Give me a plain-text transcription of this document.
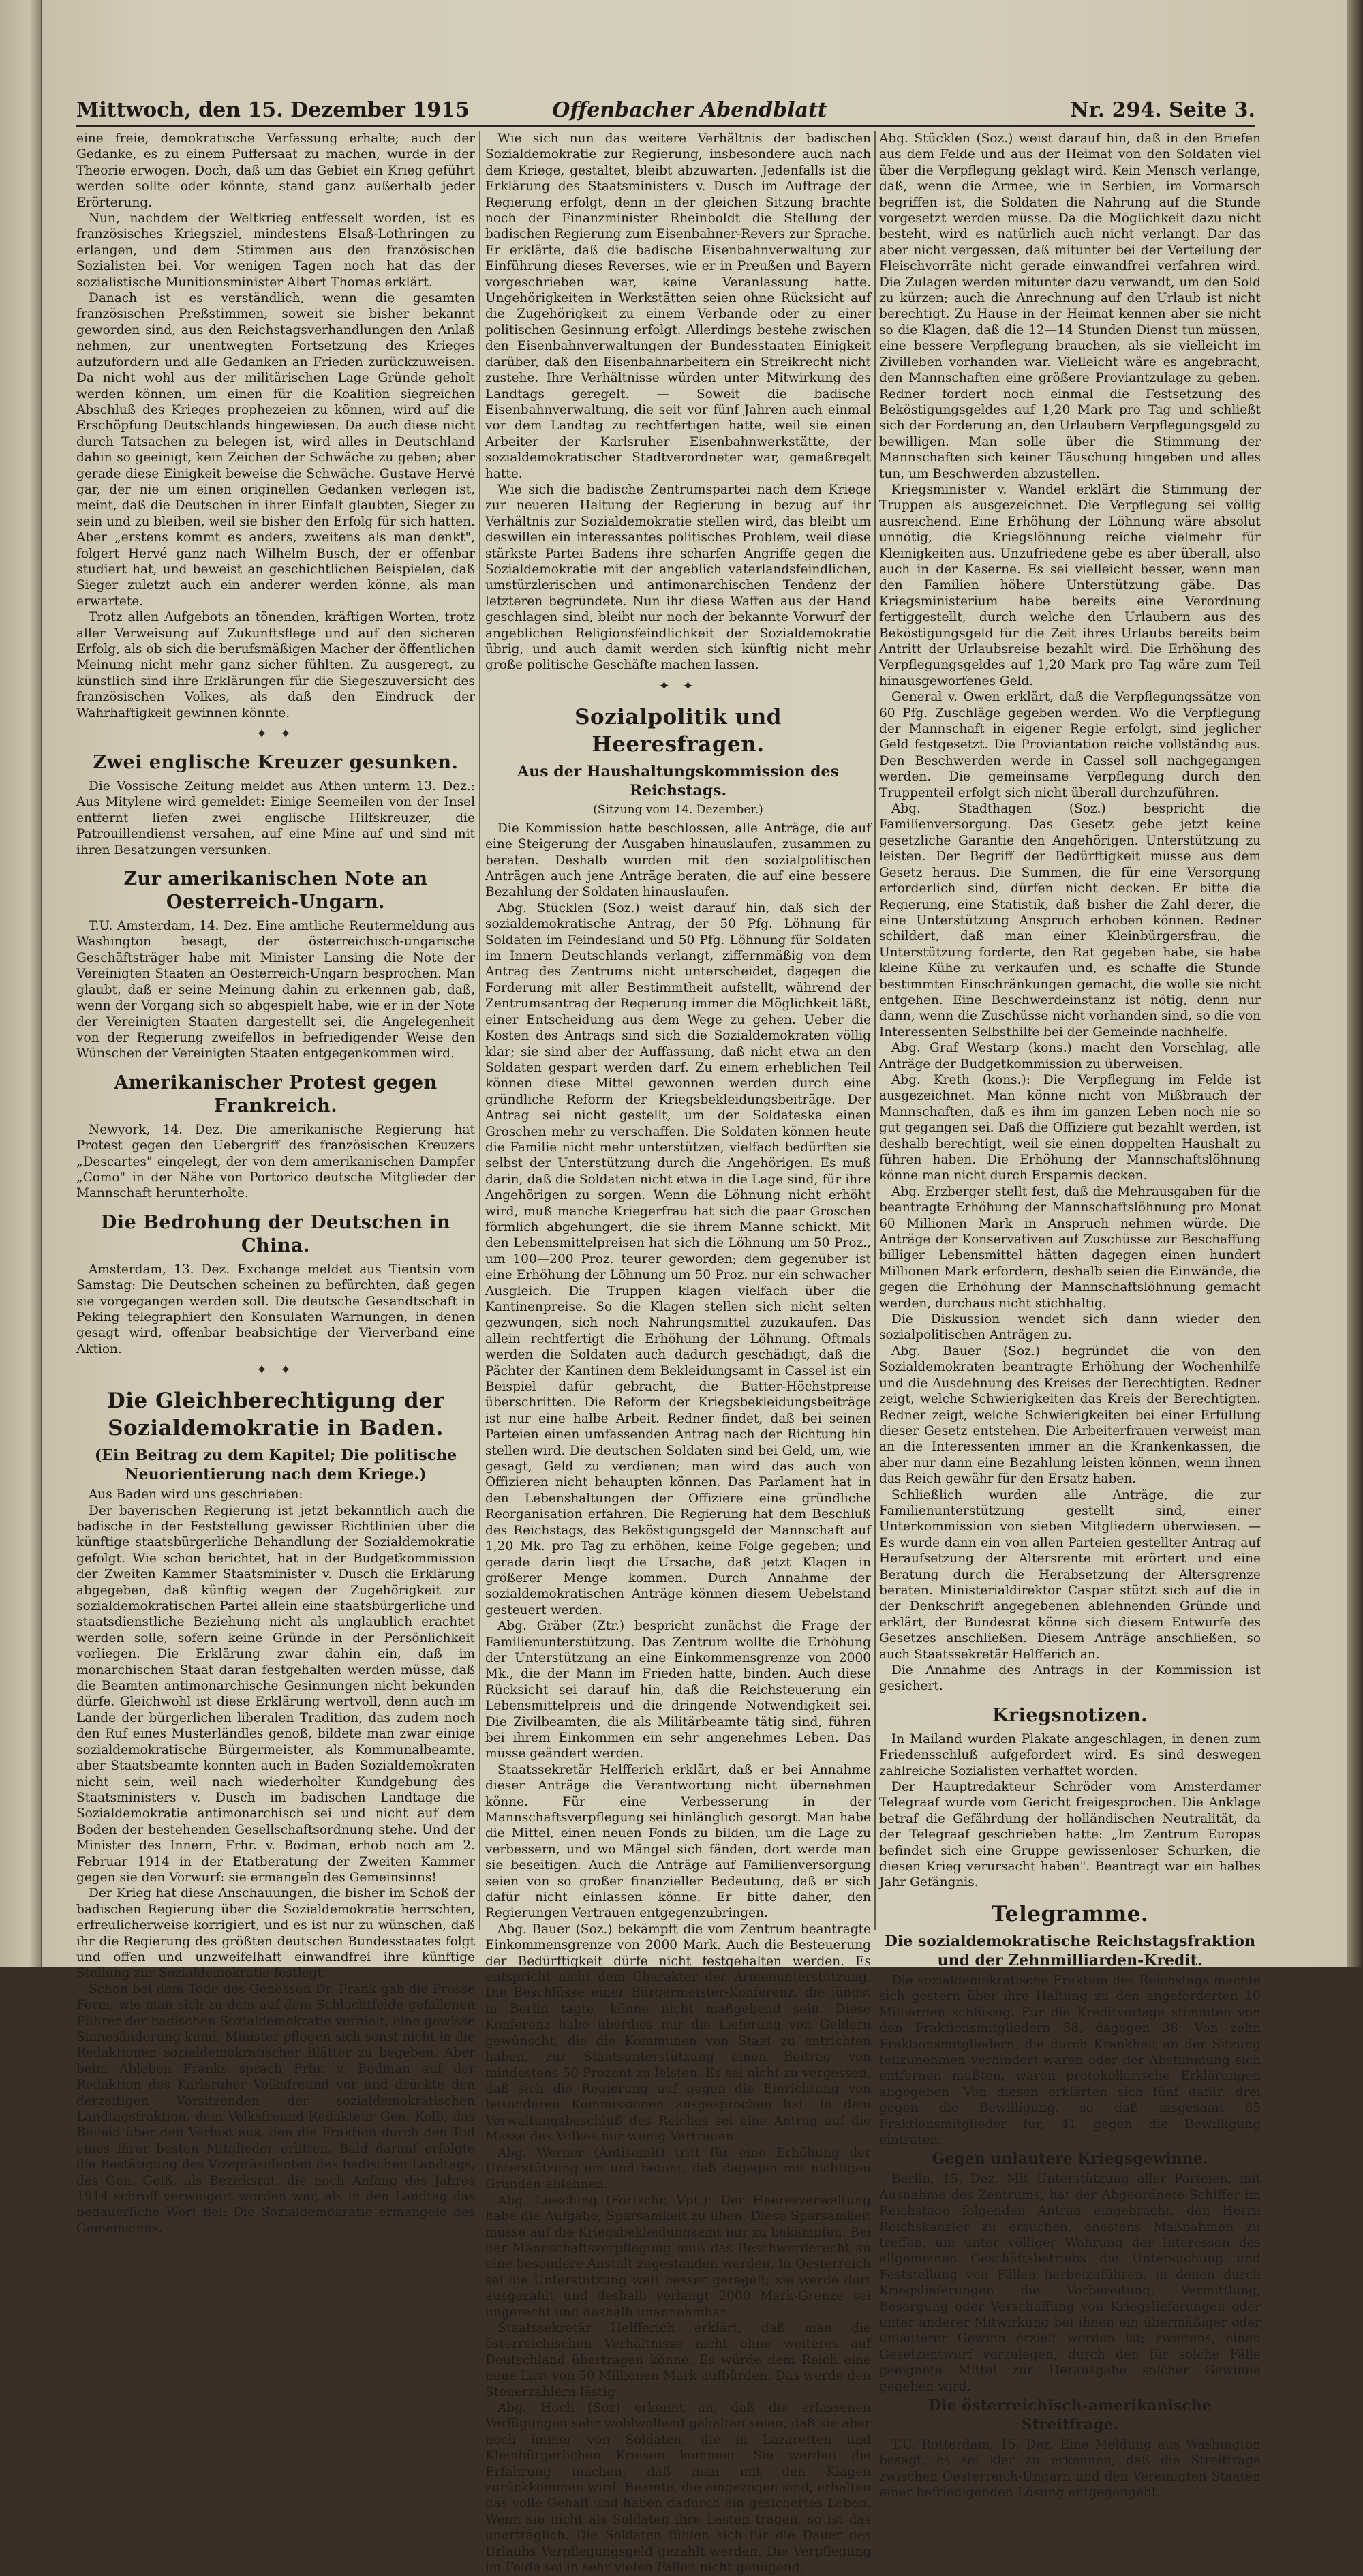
Mittwoch, den 15. Dezember 1915	Offenbacher Abendblatt	Nr. 294. Seite 3.

eine freie, demokratische Verfassung erhalte; auch der Gedanke, es zu einem Puffersaat zu machen, wurde in der Theorie erwogen. Doch, daß um das Gebiet ein Krieg geführt werden sollte oder könnte, stand ganz außerhalb jeder Erörterung.

Nun, nachdem der Weltkrieg entfesselt worden, ist es französisches Kriegsziel, mindestens Elsaß-Lothringen zu erlangen, und dem Stimmen aus den französischen Sozialisten bei. Vor wenigen Tagen noch hat das der sozialistische Munitionsminister Albert Thomas erklärt.

Danach ist es verständlich, wenn die gesamten französischen Preßstimmen, soweit sie bisher bekannt geworden sind, aus den Reichstagsverhandlungen den Anlaß nehmen, zur unentwegten Fortsetzung des Krieges aufzufordern und alle Gedanken an Frieden zurückzuweisen. Da nicht wohl aus der militärischen Lage Gründe geholt werden können, um einen für die Koalition siegreichen Abschluß des Krieges prophezeien zu können, wird auf die Erschöpfung Deutschlands hingewiesen. Da auch diese nicht durch Tatsachen zu belegen ist, wird alles in Deutschland dahin so geeinigt, kein Zeichen der Schwäche zu geben; aber gerade diese Einigkeit beweise die Schwäche. Gustave Hervé gar, der nie um einen originellen Gedanken verlegen ist, meint, daß die Deutschen in ihrer Einfalt glaubten, Sieger zu sein und zu bleiben, weil sie bisher den Erfolg für sich hatten. Aber „erstens kommt es anders, zweitens als man denkt", folgert Hervé ganz nach Wilhelm Busch, der er offenbar studiert hat, und beweist an geschichtlichen Beispielen, daß Sieger zuletzt auch ein anderer werden könne, als man erwartete.

Trotz allen Aufgebots an tönenden, kräftigen Worten, trotz aller Verweisung auf Zukunftsflege und auf den sicheren Erfolg, als ob sich die berufsmäßigen Macher der öffentlichen Meinung nicht mehr ganz sicher fühlten. Zu ausgeregt, zu künstlich sind ihre Erklärungen für die Siegeszuversicht des französischen Volkes, als daß den Eindruck der Wahrhaftigkeit gewinnen könnte.

✦ ✦
Zwei englische Kreuzer gesunken.

Die Vossische Zeitung meldet aus Athen unterm 13. Dez.: Aus Mitylene wird gemeldet: Einige Seemeilen von der Insel entfernt liefen zwei englische Hilfskreuzer, die Patrouillendienst versahen, auf eine Mine auf und sind mit ihren Besatzungen versunken.

Zur amerikanischen Note an Oesterreich-Ungarn.

T.U. Amsterdam, 14. Dez. Eine amtliche Reutermeldung aus Washington besagt, der österreichisch-ungarische Geschäftsträger habe mit Minister Lansing die Note der Vereinigten Staaten an Oesterreich-Ungarn besprochen. Man glaubt, daß er seine Meinung dahin zu erkennen gab, daß, wenn der Vorgang sich so abgespielt habe, wie er in der Note der Vereinigten Staaten dargestellt sei, die Angelegenheit von der Regierung zweifellos in befriedigender Weise den Wünschen der Vereinigten Staaten entgegenkommen wird.

Amerikanischer Protest gegen Frankreich.

Newyork, 14. Dez. Die amerikanische Regierung hat Protest gegen den Uebergriff des französischen Kreuzers „Descartes" eingelegt, der von dem amerikanischen Dampfer „Como" in der Nähe von Portorico deutsche Mitglieder der Mannschaft herunterholte.

Die Bedrohung der Deutschen in China.

Amsterdam, 13. Dez. Exchange meldet aus Tientsin vom Samstag: Die Deutschen scheinen zu befürchten, daß gegen sie vorgegangen werden soll. Die deutsche Gesandtschaft in Peking telegraphiert den Konsulaten Warnungen, in denen gesagt wird, offenbar beabsichtige der Vierverband eine Aktion.

✦ ✦
Die Gleichberechtigung der Sozialdemokratie in Baden.
(Ein Beitrag zu dem Kapitel; Die politische Neuorientierung nach dem Kriege.)

Aus Baden wird uns geschrieben:

Der bayerischen Regierung ist jetzt bekanntlich auch die badische in der Feststellung gewisser Richtlinien über die künftige staatsbürgerliche Behandlung der Sozialdemokratie gefolgt. Wie schon berichtet, hat in der Budgetkommission der Zweiten Kammer Staatsminister v. Dusch die Erklärung abgegeben, daß künftig wegen der Zugehörigkeit zur sozialdemokratischen Partei allein eine staatsbürgerliche und staatsdienstliche Beziehung nicht als unglaublich erachtet werden solle, sofern keine Gründe in der Persönlichkeit vorliegen. Die Erklärung zwar dahin ein, daß im monarchischen Staat daran festgehalten werden müsse, daß die Beamten antimonarchische Gesinnungen nicht bekunden dürfe. Gleichwohl ist diese Erklärung wertvoll, denn auch im Lande der bürgerlichen liberalen Tradition, das zudem noch den Ruf eines Musterländles genoß, bildete man zwar einige sozialdemokratische Bürgermeister, als Kommunalbeamte, aber Staatsbeamte konnten auch in Baden Sozialdemokraten nicht sein, weil nach wiederholter Kundgebung des Staatsministers v. Dusch im badischen Landtage die Sozialdemokratie antimonarchisch sei und nicht auf dem Boden der bestehenden Gesellschaftsordnung stehe. Und der Minister des Innern, Frhr. v. Bodman, erhob noch am 2. Februar 1914 in der Etatberatung der Zweiten Kammer gegen sie den Vorwurf: sie ermangeln des Gemeinsinns!

Der Krieg hat diese Anschauungen, die bisher im Schoß der badischen Regierung über die Sozialdemokratie herrschten, erfreulicherweise korrigiert, und es ist nur zu wünschen, daß ihr die Regierung des größten deutschen Bundesstaates folgt und offen und unzweifelhaft einwandfrei ihre künftige Stellung zur Sozialdemokratie festlegt.

Schon bei dem Tode des Genossen Dr. Frank gab die Presse Form, wie man sich zu dem auf dem Schlachtfelde gefallenen Führer der badischen Sozialdemokratie verhielt, eine gewisse Sinnesänderung kund. Minister pflogen sich sonst nicht in die Redaktionen sozialdemokratischer Blätter zu begeben. Aber beim Ableben Franks sprach Frhr. v. Bodman auf der Redaktion des Karlsruher Volksfreund vor und drückte den derzeitigen Vorsitzenden der sozialdemokratischen Landtagsfraktion, dem Volksfreund-Redakteur Gen. Kolb, das Beileid über den Verlust aus, den die Fraktion durch den Tod eines ihrer besten Mitglieder erlitten. Bald darauf erfolgte die Bestätigung des Vizepräsidenten des badischen Landtags, des Gen. Geiß, als Bezirksrat, die noch Anfang des Jahres 1914 schroff verweigert worden war, als in den Landtag das bedauerliche Wort fiel: Die Sozialdemokratie ermangele des Gemeinsinns.

Wie sich nun das weitere Verhältnis der badischen Sozialdemokratie zur Regierung, insbesondere auch nach dem Kriege, gestaltet, bleibt abzuwarten. Jedenfalls ist die Erklärung des Staatsministers v. Dusch im Auftrage der Regierung erfolgt, denn in der gleichen Sitzung brachte noch der Finanzminister Rheinboldt die Stellung der badischen Regierung zum Eisenbahner-Revers zur Sprache. Er erklärte, daß die badische Eisenbahnverwaltung zur Einführung dieses Reverses, wie er in Preußen und Bayern vorgeschrieben war, keine Veranlassung hatte. Ungehörigkeiten in Werkstätten seien ohne Rücksicht auf die Zugehörigkeit zu einem Verbande oder zu einer politischen Gesinnung erfolgt. Allerdings bestehe zwischen den Eisenbahnverwaltungen der Bundesstaaten Einigkeit darüber, daß den Eisenbahnarbeitern ein Streikrecht nicht zustehe. Ihre Verhältnisse würden unter Mitwirkung des Landtags geregelt. — Soweit die badische Eisenbahnverwaltung, die seit vor fünf Jahren auch einmal vor dem Landtag zu rechtfertigen hatte, weil sie einen Arbeiter der Karlsruher Eisenbahnwerkstätte, der sozialdemokratischer Stadtverordneter war, gemaßregelt hatte.

Wie sich die badische Zentrumspartei nach dem Kriege zur neueren Haltung der Regierung in bezug auf ihr Verhältnis zur Sozialdemokratie stellen wird, das bleibt um deswillen ein interessantes politisches Problem, weil diese stärkste Partei Badens ihre scharfen Angriffe gegen die Sozialdemokratie mit der angeblich vaterlandsfeindlichen, umstürzlerischen und antimonarchischen Tendenz der letzteren begründete. Nun ihr diese Waffen aus der Hand geschlagen sind, bleibt nur noch der bekannte Vorwurf der angeblichen Religionsfeindlichkeit der Sozialdemokratie übrig, und auch damit werden sich künftig nicht mehr große politische Geschäfte machen lassen.

✦ ✦
Sozialpolitik und Heeresfragen.
Aus der Haushaltungskommission des Reichstags.
(Sitzung vom 14. Dezember.)

Die Kommission hatte beschlossen, alle Anträge, die auf eine Steigerung der Ausgaben hinauslaufen, zusammen zu beraten. Deshalb wurden mit den sozialpolitischen Anträgen auch jene Anträge beraten, die auf eine bessere Bezahlung der Soldaten hinauslaufen.

Abg. Stücklen (Soz.) weist darauf hin, daß sich der sozialdemokratische Antrag, der 50 Pfg. Löhnung für Soldaten im Feindesland und 50 Pfg. Löhnung für Soldaten im Innern Deutschlands verlangt, ziffernmäßig von dem Antrag des Zentrums nicht unterscheidet, dagegen die Forderung mit aller Bestimmtheit aufstellt, während der Zentrumsantrag der Regierung immer die Möglichkeit läßt, einer Entscheidung aus dem Wege zu gehen. Ueber die Kosten des Antrags sind sich die Sozialdemokraten völlig klar; sie sind aber der Auffassung, daß nicht etwa an den Soldaten gespart werden darf. Zu einem erheblichen Teil können diese Mittel gewonnen werden durch eine gründliche Reform der Kriegsbekleidungsbeiträge. Der Antrag sei nicht gestellt, um der Soldateska einen Groschen mehr zu verschaffen. Die Soldaten können heute die Familie nicht mehr unterstützen, vielfach bedürften sie selbst der Unterstützung durch die Angehörigen. Es muß darin, daß die Soldaten nicht etwa in die Lage sind, für ihre Angehörigen zu sorgen. Wenn die Löhnung nicht erhöht wird, muß manche Kriegerfrau hat sich die paar Groschen förmlich abgehungert, die sie ihrem Manne schickt. Mit den Lebensmittelpreisen hat sich die Löhnung um 50 Proz., um 100—200 Proz. teurer geworden; dem gegenüber ist eine Erhöhung der Löhnung um 50 Proz. nur ein schwacher Ausgleich. Die Truppen klagen vielfach über die Kantinenpreise. So die Klagen stellen sich nicht selten gezwungen, sich noch Nahrungsmittel zuzukaufen. Das allein rechtfertigt die Erhöhung der Löhnung. Oftmals werden die Soldaten auch dadurch geschädigt, daß die Pächter der Kantinen dem Bekleidungsamt in Cassel ist ein Beispiel dafür gebracht, die Butter-Höchstpreise überschritten. Die Reform der Kriegsbekleidungsbeiträge ist nur eine halbe Arbeit. Redner findet, daß bei seinen Parteien einen umfassenden Antrag nach der Richtung hin stellen wird. Die deutschen Soldaten sind bei Geld, um, wie gesagt, Geld zu verdienen; man wird das auch von Offizieren nicht behaupten können. Das Parlament hat in den Lebenshaltungen der Offiziere eine gründliche Reorganisation erfahren. Die Regierung hat dem Beschluß des Reichstags, das Beköstigungsgeld der Mannschaft auf 1,20 Mk. pro Tag zu erhöhen, keine Folge gegeben; und gerade darin liegt die Ursache, daß jetzt Klagen in größerer Menge kommen. Durch Annahme der sozialdemokratischen Anträge können diesem Uebelstand gesteuert werden.

Abg. Gräber (Ztr.) bespricht zunächst die Frage der Familienunterstützung. Das Zentrum wollte die Erhöhung der Unterstützung an eine Einkommensgrenze von 2000 Mk., die der Mann im Frieden hatte, binden. Auch diese Rücksicht sei darauf hin, daß die Reichsteuerung ein Lebensmittelpreis und die dringende Notwendigkeit sei. Die Zivilbeamten, die als Militärbeamte tätig sind, führen bei ihrem Einkommen ein sehr angenehmes Leben. Das müsse geändert werden.

Staatssekretär Helfferich erklärt, daß er bei Annahme dieser Anträge die Verantwortung nicht übernehmen könne. Für eine Verbesserung in der Mannschaftsverpflegung sei hinlänglich gesorgt. Man habe die Mittel, einen neuen Fonds zu bilden, um die Lage zu verbessern, und wo Mängel sich fänden, dort werde man sie beseitigen. Auch die Anträge auf Familienversorgung seien von so großer finanzieller Bedeutung, daß er sich dafür nicht einlassen könne. Er bitte daher, den Regierungen Vertrauen entgegenzubringen.

Abg. Bauer (Soz.) bekämpft die vom Zentrum beantragte Einkommensgrenze von 2000 Mark. Auch die Besteuerung der Bedürftigkeit dürfe nicht festgehalten werden. Es entspricht nicht dem Charakter der Armenunterstützung. Die Beschlüsse einer Bürgermeister-Konferenz, die jüngst in Berlin tagte, könne nicht maßgebend sein. Diese Konferenz habe überdies nur die Lieferung von Geldern gewünscht, die die Kommunen von Staat zu entrichten haben, zur Staatsunterstützung einen Beitrag von mindestens 50 Prozent zu leisten. Es sei nicht zu vergessen, daß sich die Regierung auf gegen die Einrichtung von besonderen Kommissionen ausgesprochen hat. In dem Verwaltungsbeschluß des Reiches sei eine Antrag auf die Masse des Volkes nur wenig Vertrauen.

Abg. Werner (Antisemit) tritt für eine Erhöhung der Unterstützung ein und betont, daß dagegen mit nichtigen Gründen ablehnen.

Abg. Liesching (Fortschr. Vpt.): Der Heeresverwaltung habe die Aufgabe, Sparsamkeit zu üben. Diese Sparsamkeit müsse auf die Kriegsbekleidungsamt nur zu bekämpfen. Bei der Mannschaftsverpflegung muß das Beschwerderecht an eine besondere Anstalt zugestanden werden. In Oesterreich sei die Unterstützung weit besser geregelt; sie werde dort ausgezahlt und deshalb verlangt 2000 Mark-Grenze sei ungerecht und deshalb unannehmbar.

Staatssekretär Helfferich erklärt, daß man die österreichischen Verhältnisse nicht ohne weiteres auf Deutschland übertragen könne. Es würde dem Reich eine neue Last von 50 Millionen Mark aufbürden. Das werde den Steuerzahlern lästig.

Abg. Hoch (Soz) erkennt an, daß die erlassenen Verfügungen sehr wohlwollend gehalten seien, daß sie aber noch immer von Soldaten, die in Lazaretten und Kleinbürgerlichen Kreisen kommen. Sie werden die Erfahrung machen, daß man mit den Klagen zurückkommen wird. Beamte, die eingezogen sind, erhalten das volle Gehalt und haben dadurch ein gesichertes Leben. Wenn sie nicht als Soldaten ihre Lasten tragen, so ist das unerträglich. Die Soldaten fühlen sich für die Dauer des Urlaubs Verpflegungsgeld gezahlt werden. Die Verpflegung im Felde sei in sehr vielen Fällen nicht genügend.

Abg. Stücklen (Soz.) weist darauf hin, daß in den Briefen aus dem Felde und aus der Heimat von den Soldaten viel über die Verpflegung geklagt wird. Kein Mensch verlange, daß, wenn die Armee, wie in Serbien, im Vormarsch begriffen ist, die Soldaten die Nahrung auf die Stunde vorgesetzt werden müsse. Da die Möglichkeit dazu nicht besteht, wird es natürlich auch nicht verlangt. Dar das aber nicht vergessen, daß mitunter bei der Verteilung der Fleischvorräte nicht gerade einwandfrei verfahren wird. Die Zulagen werden mitunter dazu verwandt, um den Sold zu kürzen; auch die Anrechnung auf den Urlaub ist nicht berechtigt. Zu Hause in der Heimat kennen aber sie nicht so die Klagen, daß die 12—14 Stunden Dienst tun müssen, eine bessere Verpflegung brauchen, als sie vielleicht im Zivilleben vorhanden war. Vielleicht wäre es angebracht, den Mannschaften eine größere Proviantzulage zu geben. Redner fordert noch einmal die Festsetzung des Beköstigungsgeldes auf 1,20 Mark pro Tag und schließt sich der Forderung an, den Urlaubern Verpflegungsgeld zu bewilligen. Man solle über die Stimmung der Mannschaften sich keiner Täuschung hingeben und alles tun, um Beschwerden abzustellen.

Kriegsminister v. Wandel erklärt die Stimmung der Truppen als ausgezeichnet. Die Verpflegung sei völlig ausreichend. Eine Erhöhung der Löhnung wäre absolut unnötig, die Kriegslöhnung reiche vielmehr für Kleinigkeiten aus. Unzufriedene gebe es aber überall, also auch in der Kaserne. Es sei vielleicht besser, wenn man den Familien höhere Unterstützung gäbe. Das Kriegsministerium habe bereits eine Verordnung fertiggestellt, durch welche den Urlaubern aus des Beköstigungsgeld für die Zeit ihres Urlaubs bereits beim Antritt der Urlaubsreise bezahlt wird. Die Erhöhung des Verpflegungsgeldes auf 1,20 Mark pro Tag wäre zum Teil hinausgeworfenes Geld.

General v. Owen erklärt, daß die Verpflegungssätze von 60 Pfg. Zuschläge gegeben werden. Wo die Verpflegung der Mannschaft in eigener Regie erfolgt, sind jeglicher Geld festgesetzt. Die Proviantation reiche vollständig aus. Den Beschwerden werde in Cassel soll nachgegangen werden. Die gemeinsame Verpflegung durch den Truppenteil erfolgt sich nicht überall durchzuführen.

Abg. Stadthagen (Soz.) bespricht die Familienversorgung. Das Gesetz gebe jetzt keine gesetzliche Garantie den Angehörigen. Unterstützung zu leisten. Der Begriff der Bedürftigkeit müsse aus dem Gesetz heraus. Die Summen, die für eine Versorgung erforderlich sind, dürfen nicht decken. Er bitte die Regierung, eine Statistik, daß bisher die Zahl derer, die eine Unterstützung Anspruch erhoben können. Redner schildert, daß man einer Kleinbürgersfrau, die Unterstützung forderte, den Rat gegeben habe, sie habe kleine Kühe zu verkaufen und, es schaffe die Stunde bestimmten Einschränkungen gemacht, die wolle sie nicht entgehen. Eine Beschwerdeinstanz ist nötig, denn nur dann, wenn die Zuschüsse nicht vorhanden sind, so die von Interessenten Selbsthilfe bei der Gemeinde nachhelfe.

Abg. Graf Westarp (kons.) macht den Vorschlag, alle Anträge der Budgetkommission zu überweisen.

Abg. Kreth (kons.): Die Verpflegung im Felde ist ausgezeichnet. Man könne nicht von Mißbrauch der Mannschaften, daß es ihm im ganzen Leben noch nie so gut gegangen sei. Daß die Offiziere gut bezahlt werden, ist deshalb berechtigt, weil sie einen doppelten Haushalt zu führen haben. Die Erhöhung der Mannschaftslöhnung könne man nicht durch Ersparnis decken.

Abg. Erzberger stellt fest, daß die Mehrausgaben für die beantragte Erhöhung der Mannschaftslöhnung pro Monat 60 Millionen Mark in Anspruch nehmen würde. Die Anträge der Konservativen auf Zuschüsse zur Beschaffung billiger Lebensmittel hätten dagegen einen hundert Millionen Mark erfordern, deshalb seien die Einwände, die gegen die Erhöhung der Mannschaftslöhnung gemacht werden, durchaus nicht stichhaltig.

Die Diskussion wendet sich dann wieder den sozialpolitischen Anträgen zu.

Abg. Bauer (Soz.) begründet die von den Sozialdemokraten beantragte Erhöhung der Wochenhilfe und die Ausdehnung des Kreises der Berechtigten. Redner zeigt, welche Schwierigkeiten das Kreis der Berechtigten. Redner zeigt, welche Schwierigkeiten bei einer Erfüllung dieser Gesetz entstehen. Die Arbeiterfrauen verweist man an die Interessenten immer an die Krankenkassen, die aber nur dann eine Bezahlung leisten können, wenn ihnen das Reich gewähr für den Ersatz haben.

Schließlich wurden alle Anträge, die zur Familienunterstützung gestellt sind, einer Unterkommission von sieben Mitgliedern überwiesen. — Es wurde dann ein von allen Parteien gestellter Antrag auf Heraufsetzung der Altersrente mit erörtert und eine Beratung durch die Herabsetzung der Altersgrenze beraten. Ministerialdirektor Caspar stützt sich auf die in der Denkschrift angegebenen ablehnenden Gründe und erklärt, der Bundesrat könne sich diesem Entwurfe des Gesetzes anschließen. Diesem Anträge anschließen, so auch Staatssekretär Helfferich an.

Die Annahme des Antrags in der Kommission ist gesichert.

Kriegsnotizen.

In Mailand wurden Plakate angeschlagen, in denen zum Friedensschluß aufgefordert wird. Es sind deswegen zahlreiche Sozialisten verhaftet worden.

Der Hauptredakteur Schröder vom Amsterdamer Telegraaf wurde vom Gericht freigesprochen. Die Anklage betraf die Gefährdung der holländischen Neutralität, da der Telegraaf geschrieben hatte: „Im Zentrum Europas befindet sich eine Gruppe gewissenloser Schurken, die diesen Krieg verursacht haben". Beantragt war ein halbes Jahr Gefängnis.

Telegramme.
Die sozialdemokratische Reichstagsfraktion und der Zehnmilliarden-Kredit.

Die sozialdemokratische Fraktion des Reichstags machte sich gestern über ihre Haltung zu den angeforderten 10 Milliarden schlüssig. Für die Kreditvorlage stimmten von den Fraktionsmitgliedern 58, dagegen 38. Von zehn Fraktionsmitgliedern, die durch Krankheit an der Sitzung teilzunehmen verhindert waren oder der Abstimmung sich entfernen mußten, waren protokollarische Erklärungen abgegeben. Von diesen erklärten sich fünf dafür, drei gegen die Bewilligung, so daß insgesamt 65 Fraktionsmitglieder für, 41 gegen die Bewilligung eintraten.

Gegen unlautere Kriegsgewinne.

Berlin, 15. Dez. Mit Unterstützung aller Parteien, mit Ausnahme des Zentrums, hat der Abgeordnete Schiffer im Reichstage folgenden Antrag eingebracht, den Herrn Reichskanzler zu ersuchen, ehestens Maßnahmen zu treffen, um unter völliger Wahrung der Interessen des allgemeinen Geschäftsbetriebs die Untersuchung und Feststellung von Fällen herbeizuführen, in denen durch Kriegslieferungen die Vorbereitung, Vermittlung, Besorgung oder Verschaffung von Kriegslieferungen oder unter anderer Mitwirkung bei ihnen ein übermäßiger oder unlauterer Gewinn erzielt worden ist; zweitens, einen Gesetzentwurf vorzulegen, durch den für solche Fälle geeignete Mittel zur Herausgabe solcher Gewinne gegeben wird.

Die österreichisch-amerikanische Streitfrage.

T.U. Rotterdam, 15. Dez. Eine Meldung aus Washington besagt, es sei klar zu erkennen, daß die Streitfrage zwischen Oesterreich-Ungarn und den Vereinigten Staaten einer befriedigenden Lösung entgegengeht.
